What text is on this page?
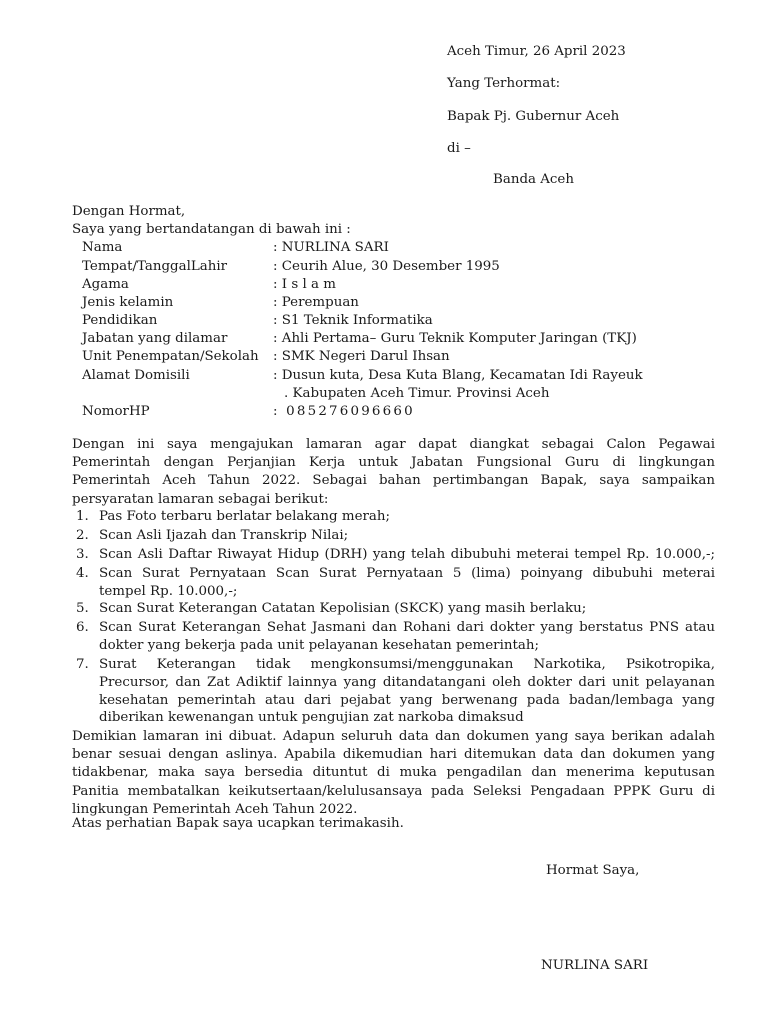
Aceh Timur, 26 April 2023
Yang Terhormat:
Bapak Pj. Gubernur Aceh
di –
Banda Aceh
Dengan Hormat,
Saya yang bertandatangan di bawah ini :
Nama	: NURLINA SARI
Tempat/TanggalLahir	: Ceurih Alue, 30 Desember 1995
Agama	: I s l a m
Jenis kelamin	: Perempuan
Pendidikan	: S1 Teknik Informatika
Jabatan yang dilamar	: Ahli Pertama– Guru Teknik Komputer Jaringan (TKJ)
Unit Penempatan/Sekolah : SMK Negeri Darul Ihsan
Alamat Domisili	: Dusun kuta, Desa Kuta Blang, Kecamatan Idi Rayeuk
. Kabupaten Aceh Timur. Provinsi Aceh
NomorHP	: 085276096660
Dengan ini saya mengajukan lamaran agar dapat diangkat sebagai Calon Pegawai
Pemerintah dengan Perjanjian Kerja untuk Jabatan Fungsional Guru di lingkungan
Pemerintah Aceh Tahun 2022. Sebagai bahan pertimbangan Bapak, saya sampaikan
persyaratan lamaran sebagai berikut:
1. Pas Foto terbaru berlatar belakang merah;
2. Scan Asli Ijazah dan Transkrip Nilai;
3. Scan Asli Daftar Riwayat Hidup (DRH) yang telah dibubuhi meterai tempel Rp. 10.000,-;
4. Scan Surat Pernyataan Scan Surat Pernyataan 5 (lima) poinyang dibubuhi meterai
tempel Rp. 10.000,-;
5. Scan Surat Keterangan Catatan Kepolisian (SKCK) yang masih berlaku;
6. Scan Surat Keterangan Sehat Jasmani dan Rohani dari dokter yang berstatus PNS atau
dokter yang bekerja pada unit pelayanan kesehatan pemerintah;
7. Surat Keterangan tidak mengkonsumsi/menggunakan Narkotika, Psikotropika,
Precursor, dan Zat Adiktif lainnya yang ditandatangani oleh dokter dari unit pelayanan
kesehatan pemerintah atau dari pejabat yang berwenang pada badan/lembaga yang
diberikan kewenangan untuk pengujian zat narkoba dimaksud
Demikian lamaran ini dibuat. Adapun seluruh data dan dokumen yang saya berikan adalah
benar sesuai dengan aslinya. Apabila dikemudian hari ditemukan data dan dokumen yang
tidakbenar, maka saya bersedia dituntut di muka pengadilan dan menerima keputusan
Panitia membatalkan keikutsertaan/kelulusansaya pada Seleksi Pengadaan PPPK Guru di
lingkungan Pemerintah Aceh Tahun 2022.
Atas perhatian Bapak saya ucapkan terimakasih.
Hormat Saya,
NURLINA SARI
